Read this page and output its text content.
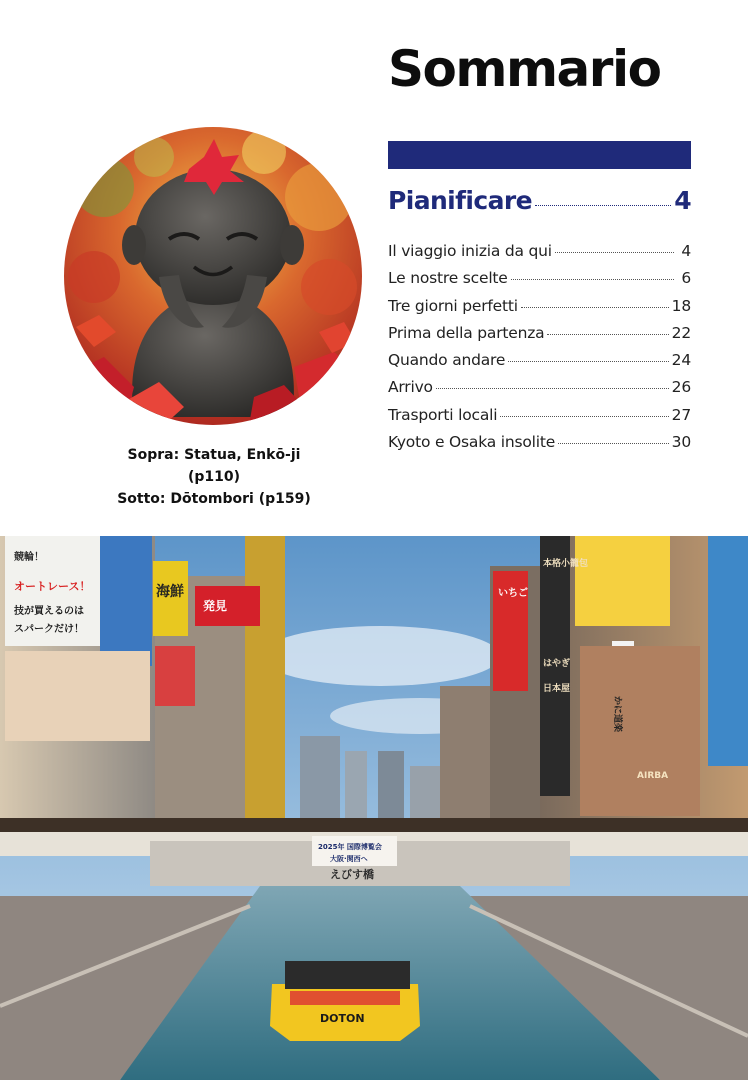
Sommario
Pianificare	4
Il viaggio inizia da qui	4
Le nostre scelte	6
Tre giorni perfetti	18
Prima della partenza	22
Quando andare	24
Arrivo	26
Trasporti locali	27
Kyoto e Osaka insolite	30
Sopra: Statua, Enkō-ji (p110)
Sotto: Dōtombori (p159)
競輪！
オートレース！
技が買えるのは
スパークだけ！
海鮮
発見
いちご
本格小籠包
はやぎ
日本屋
かに道楽
AIRBA
2025年 国際博覧会
大阪·関西へ
えびす橋
DOTON
